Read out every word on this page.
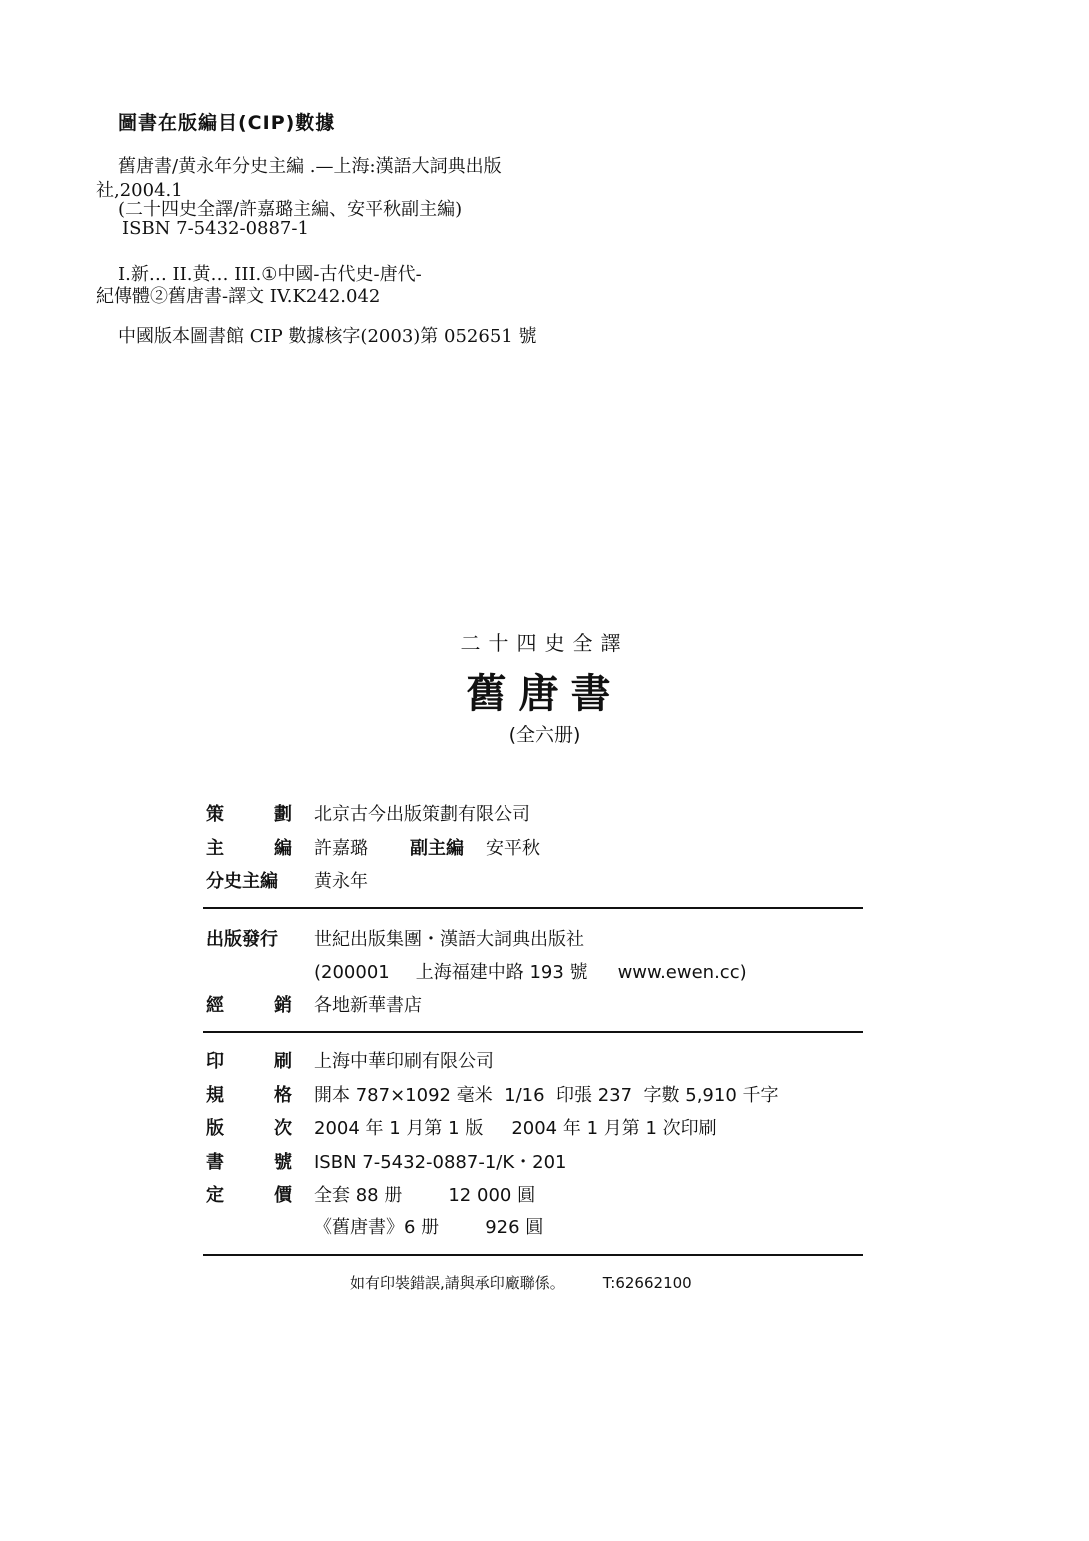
圖書在版編目(CIP)數據
舊唐書/黄永年分史主編 .—上海:漢語大詞典出版
社,2004.1
(二十四史全譯/許嘉璐主編、安平秋副主編)
ISBN 7-5432-0887-1
I.新… II.黄… III.①中國-古代史-唐代-
紀傳體②舊唐書-譯文 IV.K242.042
中國版本圖書館 CIP 數據核字(2003)第 052651 號
二十四史全譯
舊唐書
(全六册)
策	劃 北京古今出版策劃有限公司
主	編 許嘉璐 副主編 安平秋
分史主編	黄永年
出版發行	世紀出版集團・漢語大詞典出版社
(200001 上海福建中路 193 號 www.ewen.cc)
經	銷 各地新華書店
印	刷 上海中華印刷有限公司
規	格 開本 787×1092 毫米  1/16  印張 237  字數 5,910 千字
版	次 2004 年 1 月第 1 版 2004 年 1 月第 1 次印刷
書	號 ISBN 7-5432-0887-1/K・201
定	價 全套 88 册	12 000 圓
《舊唐書》6 册	926 圓
如有印裝錯誤,請與承印廠聯係。	T:62662100
